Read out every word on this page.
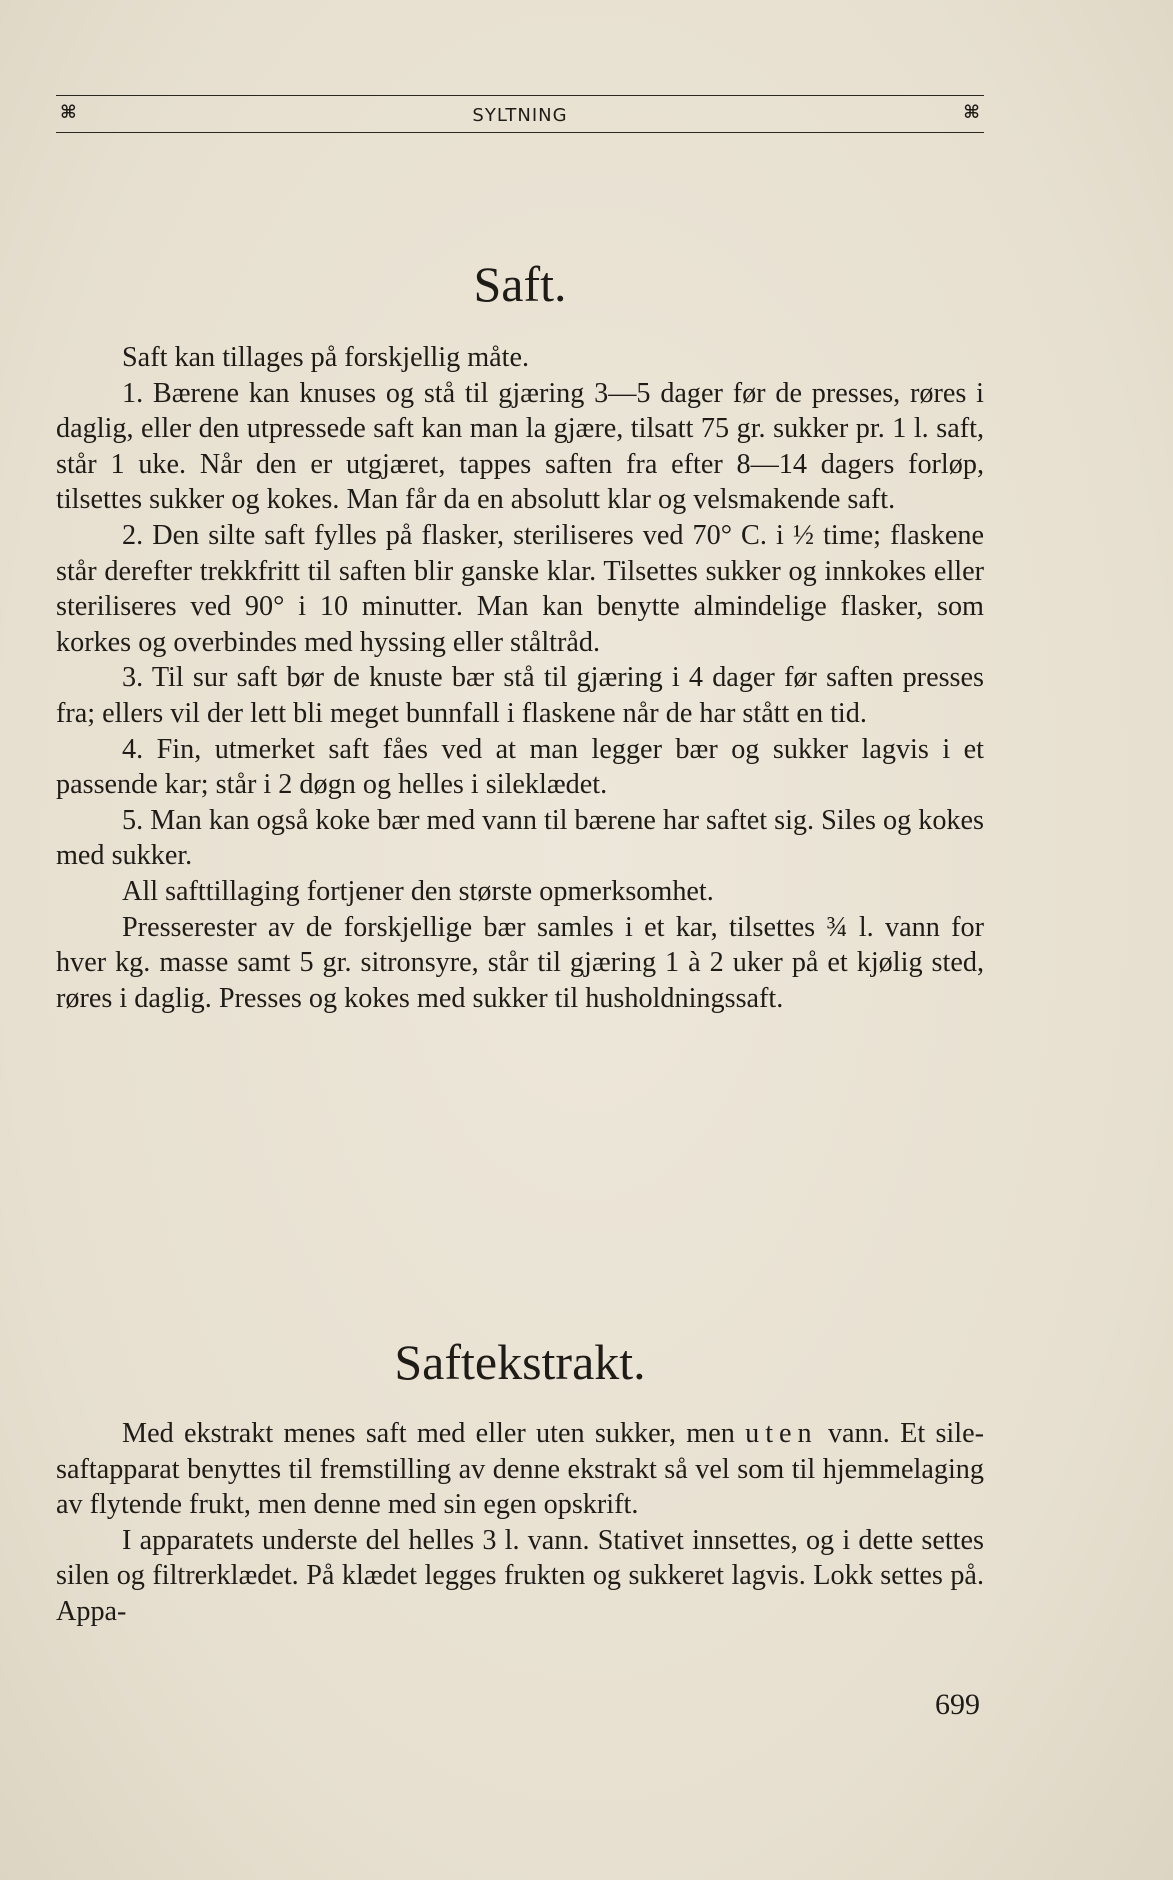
⌘	SYLTNING	⌘
Saft.

Saft kan tillages på forskjellig måte.

1. Bærene kan knuses og stå til gjæring 3—5 dager før de presses, røres i daglig, eller den utpressede saft kan man la gjære, tilsatt 75 gr. sukker pr. 1 l. saft, står 1 uke. Når den er utgjæret, tappes saften fra efter 8—14 dagers forløp, tilsettes sukker og kokes. Man får da en absolutt klar og velsmakende saft.

2. Den silte saft fylles på flasker, steriliseres ved 70° C. i ½ time; flaskene står derefter trekkfritt til saften blir ganske klar. Tilsettes sukker og innkokes eller steriliseres ved 90° i 10 minutter. Man kan benytte almindelige flasker, som korkes og overbindes med hyssing eller ståltråd.

3. Til sur saft bør de knuste bær stå til gjæring i 4 dager før saften presses fra; ellers vil der lett bli meget bunnfall i flaskene når de har stått en tid.

4. Fin, utmerket saft fåes ved at man legger bær og sukker lagvis i et passende kar; står i 2 døgn og helles i sileklædet.

5. Man kan også koke bær med vann til bærene har saftet sig. Siles og kokes med sukker.

All safttillaging fortjener den største opmerksomhet.

Presserester av de forskjellige bær samles i et kar, tilsettes ¾ l. vann for hver kg. masse samt 5 gr. sitronsyre, står til gjæring 1 à 2 uker på et kjølig sted, røres i daglig. Presses og kokes med sukker til husholdningssaft.

Saftekstrakt.

Med ekstrakt menes saft med eller uten sukker, men uten vann. Et sile-saftapparat benyttes til fremstilling av denne ekstrakt så vel som til hjemmelaging av flytende frukt, men denne med sin egen opskrift.

I apparatets underste del helles 3 l. vann. Stativet innsettes, og i dette settes silen og filtrerklædet. På klædet legges frukten og sukkeret lagvis. Lokk settes på. Appa-

699
